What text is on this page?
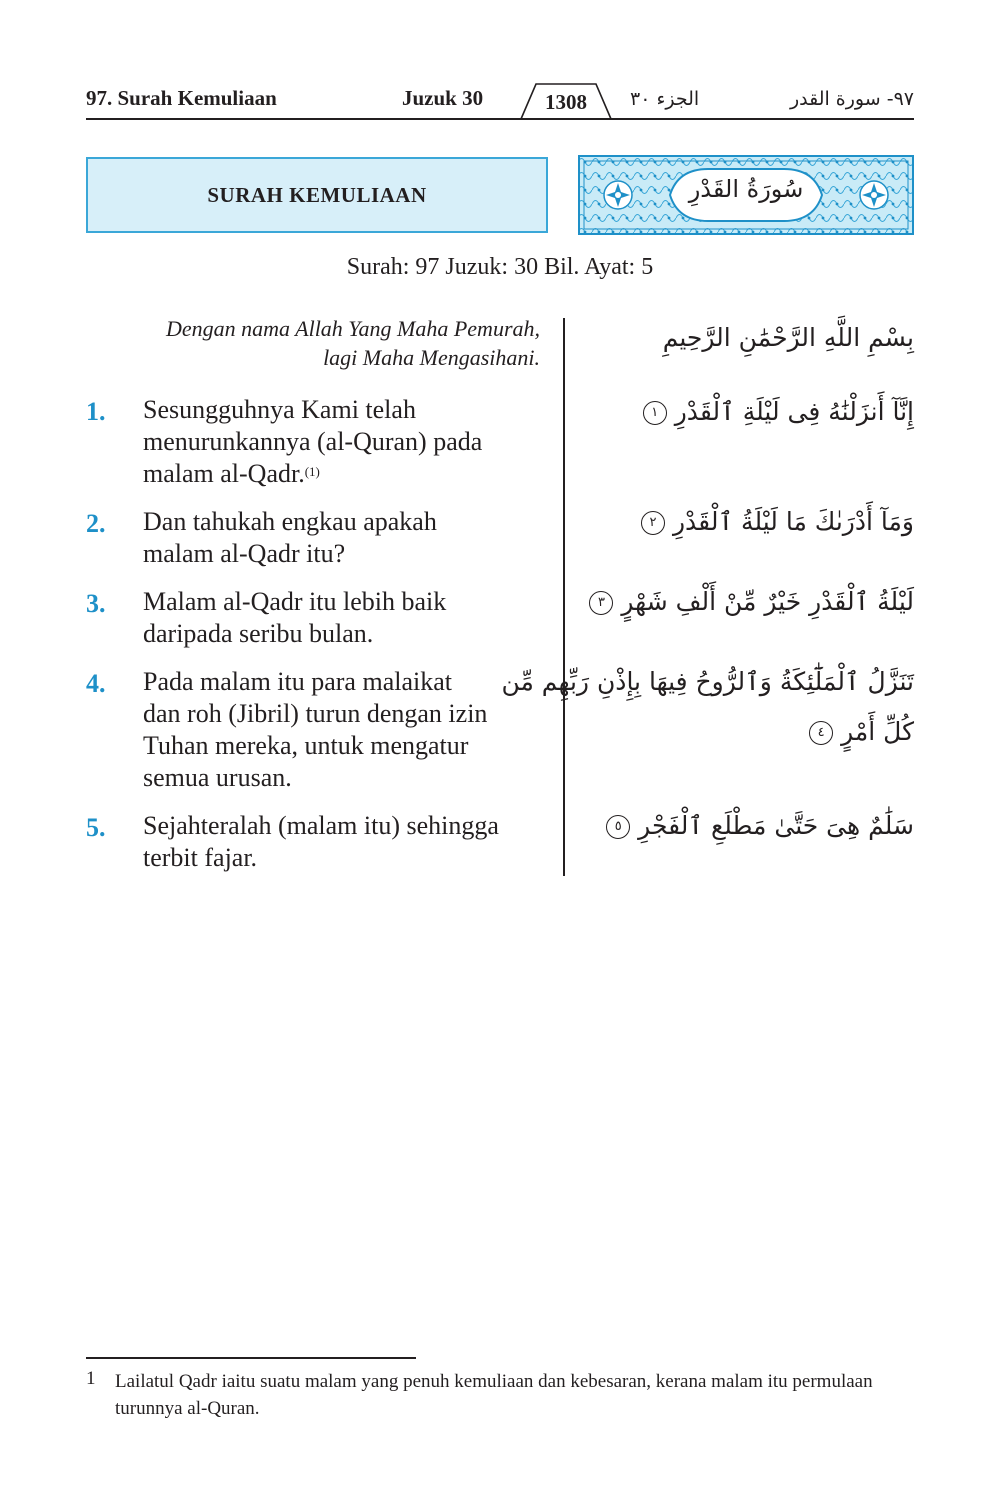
97. Surah Kemuliaan	Juzuk 30	1308	الجزء ٣٠	٩٧- سورة القدر
SURAH KEMULIAAN	سُورَةُ القَدْرِ
Surah: 97 Juzuk: 30 Bil. Ayat: 5
Dengan nama Allah Yang Maha Pemurah,
lagi Maha Mengasihani.
بِسْمِ اللَّهِ الرَّحْمَٰنِ الرَّحِيمِ
1.	Sesungguhnya Kami telah
menurunkannya (al-Quran) pada
malam al-Qadr.$^{(1)}$
إِنَّآ أَنزَلْنَٰهُ فِى لَيْلَةِ ٱلْقَدْرِ ١
2.	Dan tahukah engkau apakah
malam al-Qadr itu?
وَمَآ أَدْرَىٰكَ مَا لَيْلَةُ ٱلْقَدْرِ ٢
3.	Malam al-Qadr itu lebih baik
daripada seribu bulan.
لَيْلَةُ ٱلْقَدْرِ خَيْرٌ مِّنْ أَلْفِ شَهْرٍ ٣
4.	Pada malam itu para malaikat
dan roh (Jibril) turun dengan izin
Tuhan mereka, untuk mengatur
semua urusan.
تَنَزَّلُ ٱلْمَلَٰٓئِكَةُ وَٱلرُّوحُ فِيهَا بِإِذْنِ رَبِّهِم مِّن
كُلِّ أَمْرٍ ٤
5.	Sejahteralah (malam itu) sehingga
terbit fajar.
سَلَٰمٌ هِىَ حَتَّىٰ مَطْلَعِ ٱلْفَجْرِ ٥
1 Lailatul Qadr iaitu suatu malam yang penuh kemuliaan dan kebesaran, kerana malam itu permulaan turunnya al-Quran.
